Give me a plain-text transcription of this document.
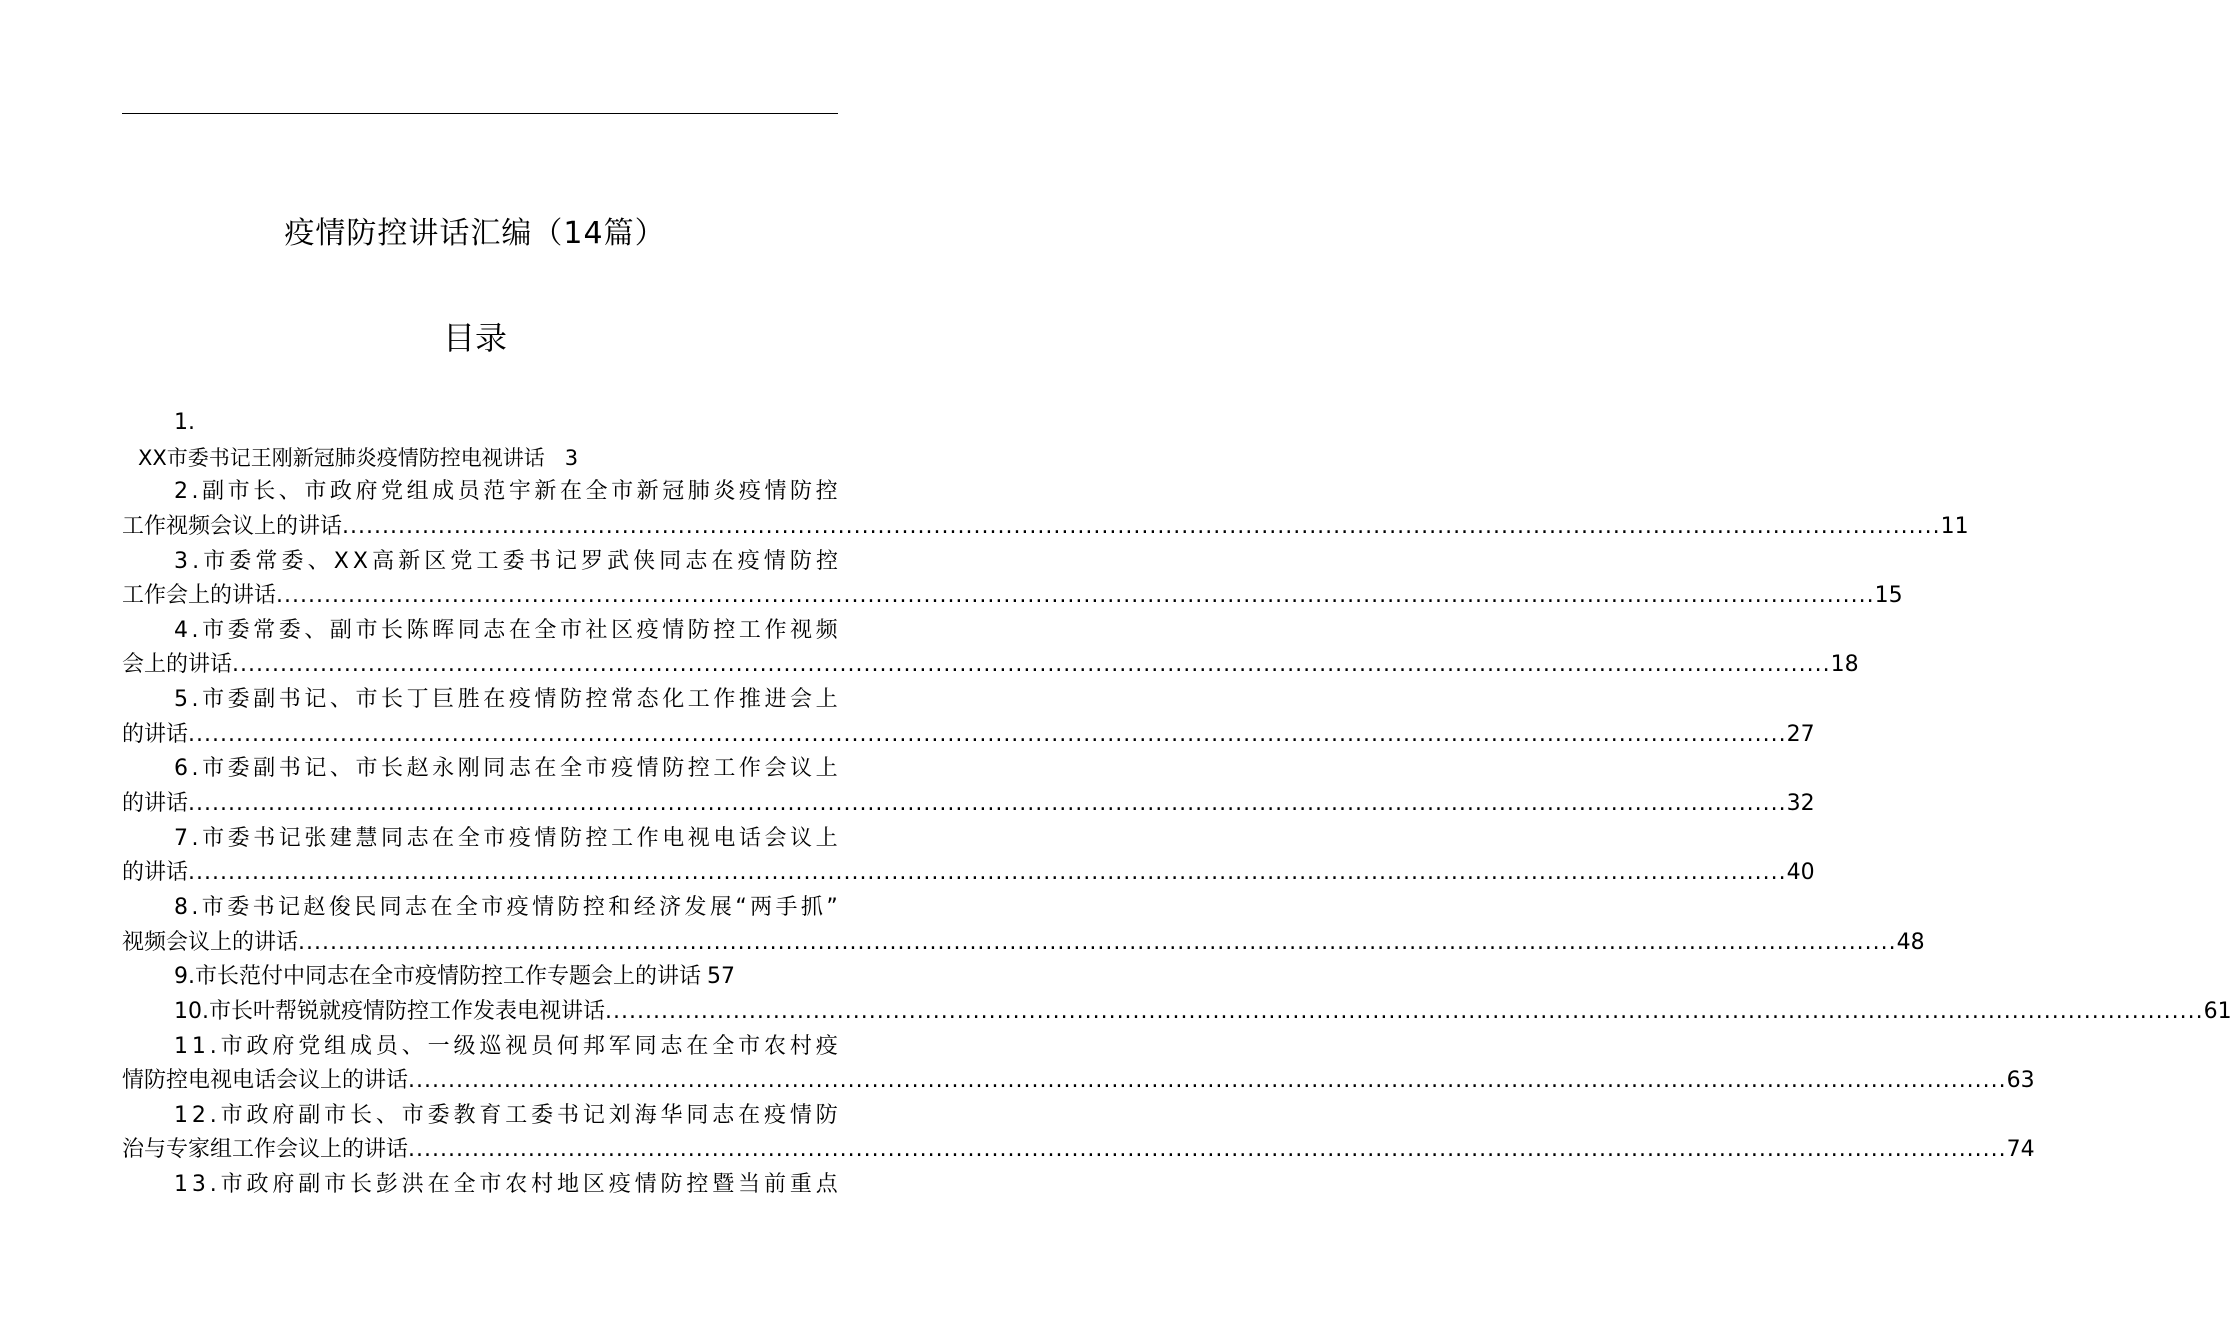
疫情防控讲话汇编（14篇）
目录
1.
XX市委书记王刚新冠肺炎疫情防控电视讲话 3
2 . 副 市 长 、 市 政 府 党 组 成 员 范 宇 新 在 全 市 新 冠 肺 炎 疫 情 防 控
工作视频会议上的讲话 ........................................................................................................................................................................................................ 11
3 . 市 委 常 委 、 X X 高 新 区 党 工 委 书 记 罗 武 侠 同 志 在 疫 情 防 控
工作会上的讲话 ........................................................................................................................................................................................................ 15
4 . 市 委 常 委 、 副 市 长 陈 晖 同 志 在 全 市 社 区 疫 情 防 控 工 作 视 频
会上的讲话 ........................................................................................................................................................................................................ 18
5 . 市 委 副 书 记 、 市 长 丁 巨 胜 在 疫 情 防 控 常 态 化 工 作 推 进 会 上
的讲话 ........................................................................................................................................................................................................ 27
6 . 市 委 副 书 记 、 市 长 赵 永 刚 同 志 在 全 市 疫 情 防 控 工 作 会 议 上
的讲话 ........................................................................................................................................................................................................ 32
7 . 市 委 书 记 张 建 慧 同 志 在 全 市 疫 情 防 控 工 作 电 视 电 话 会 议 上
的讲话 ........................................................................................................................................................................................................ 40
8 . 市 委 书 记 赵 俊 民 同 志 在 全 市 疫 情 防 控 和 经 济 发 展 “ 两 手 抓 ”
视频会议上的讲话 ........................................................................................................................................................................................................ 48
9.市长范付中同志在全市疫情防控工作专题会上的讲话 57
10.市长叶帮锐就疫情防控工作发表电视讲话 ........................................................................................................................................................................................................ 61
1 1 . 市 政 府 党 组 成 员 、 一 级 巡 视 员 何 邦 军 同 志 在 全 市 农 村 疫
情防控电视电话会议上的讲话 ........................................................................................................................................................................................................ 63
1 2 . 市 政 府 副 市 长 、 市 委 教 育 工 委 书 记 刘 海 华 同 志 在 疫 情 防
治与专家组工作会议上的讲话 ........................................................................................................................................................................................................ 74
1 3 . 市 政 府 副 市 长 彭 洪 在 全 市 农 村 地 区 疫 情 防 控 暨 当 前 重 点
